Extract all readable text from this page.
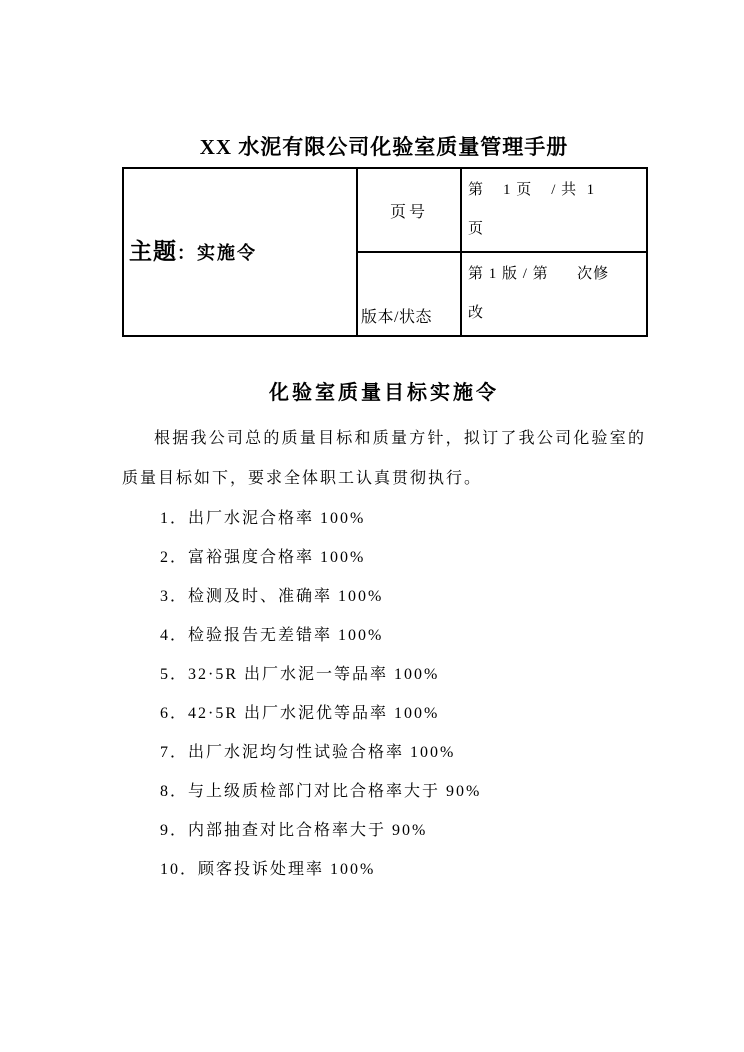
XX 水泥有限公司化验室质量管理手册
主题：实施令	页号	第    1 页    / 共  1
页

	版本/状态	第 1 版 / 第      次修
改
化验室质量目标实施令

根据我公司总的质量目标和质量方针，拟订了我公司化验室的质量目标如下，要求全体职工认真贯彻执行。

1．出厂水泥合格率 100%
2．富裕强度合格率 100%
3．检测及时、准确率 100%
4．检验报告无差错率 100%
5．32·5R 出厂水泥一等品率 100%
6．42·5R 出厂水泥优等品率 100%
7．出厂水泥均匀性试验合格率 100%
8．与上级质检部门对比合格率大于 90%
9．内部抽查对比合格率大于 90%
10．顾客投诉处理率 100%
